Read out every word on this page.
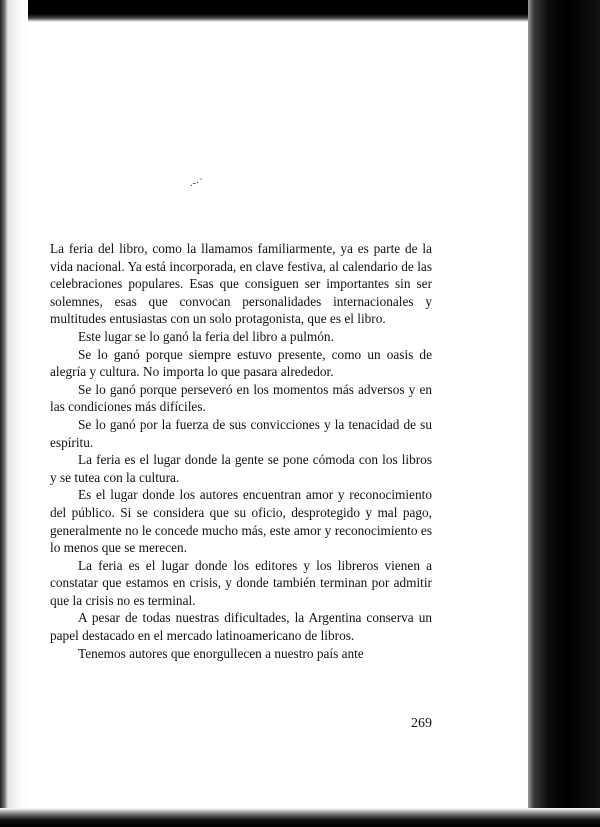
.-·´

La feria del libro, como la llamamos familiarmente, ya es parte de la vida nacional. Ya está incorporada, en clave festiva, al calendario de las celebraciones populares. Esas que consiguen ser importantes sin ser solemnes, esas que convocan personalidades internacionales y multitudes entusiastas con un solo protagonista, que es el libro.

Este lugar se lo ganó la feria del libro a pulmón.

Se lo ganó porque siempre estuvo presente, como un oasis de alegría y cultura. No importa lo que pasara alrededor.

Se lo ganó porque perseveró en los momentos más adversos y en las condiciones más difíciles.

Se lo ganó por la fuerza de sus convicciones y la tenacidad de su espíritu.

La feria es el lugar donde la gente se pone cómoda con los libros y se tutea con la cultura.

Es el lugar donde los autores encuentran amor y reconocimiento del público. Si se considera que su oficio, desprotegido y mal pago, generalmente no le concede mucho más, este amor y reconocimiento es lo menos que se merecen.

La feria es el lugar donde los editores y los libreros vienen a constatar que estamos en crisis, y donde también terminan por admitir que la crisis no es terminal.

A pesar de todas nuestras dificultades, la Argentina conserva un papel destacado en el mercado latinoamericano de libros.

Tenemos autores que enorgullecen a nuestro país ante

269
